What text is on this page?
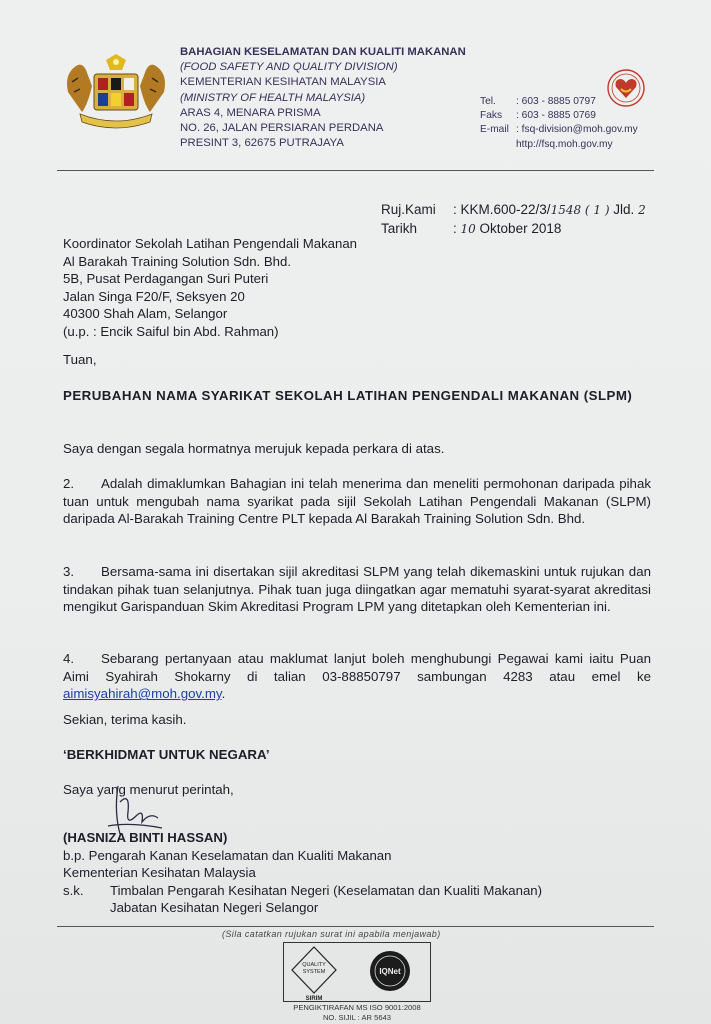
BAHAGIAN KESELAMATAN DAN KUALITI MAKANAN
(FOOD SAFETY AND QUALITY DIVISION)
KEMENTERIAN KESIHATAN MALAYSIA
(MINISTRY OF HEALTH MALAYSIA)
ARAS 4, MENARA PRISMA
NO. 26, JALAN PERSIARAN PERDANA
PRESINT 3, 62675 PUTRAJAYA
Tel. : 603 - 8885 0797
Faks : 603 - 8885 0769
E-mail : fsq-division@moh.gov.my
http://fsq.moh.gov.my
Ruj.Kami : KKM.600-22/3/1548 ( 1 ) Jld. 2
Tarikh	: 10 Oktober 2018
Koordinator Sekolah Latihan Pengendali Makanan
Al Barakah Training Solution Sdn. Bhd.
5B, Pusat Perdagangan Suri Puteri
Jalan Singa F20/F, Seksyen 20
40300 Shah Alam, Selangor
(u.p. : Encik Saiful bin Abd. Rahman)
Tuan,
PERUBAHAN NAMA SYARIKAT SEKOLAH LATIHAN PENGENDALI MAKANAN (SLPM)
Saya dengan segala hormatnya merujuk kepada perkara di atas.
2. Adalah dimaklumkan Bahagian ini telah menerima dan meneliti permohonan daripada pihak tuan untuk mengubah nama syarikat pada sijil Sekolah Latihan Pengendali Makanan (SLPM) daripada Al-Barakah Training Centre PLT kepada Al Barakah Training Solution Sdn. Bhd.
3. Bersama-sama ini disertakan sijil akreditasi SLPM yang telah dikemaskini untuk rujukan dan tindakan pihak tuan selanjutnya. Pihak tuan juga diingatkan agar mematuhi syarat-syarat akreditasi mengikut Garispanduan Skim Akreditasi Program LPM yang ditetapkan oleh Kementerian ini.
4. Sebarang pertanyaan atau maklumat lanjut boleh menghubungi Pegawai kami iaitu Puan Aimi Syahirah Shokarny di talian 03-88850797 sambungan 4283 atau emel ke aimisyahirah@moh.gov.my.
Sekian, terima kasih.
‘BERKHIDMAT UNTUK NEGARA’
Saya yang menurut perintah,
(HASNIZA BINTI HASSAN)
b.p. Pengarah Kanan Keselamatan dan Kualiti Makanan
Kementerian Kesihatan Malaysia
s.k. Timbalan Pengarah Kesihatan Negeri (Keselamatan dan Kualiti Makanan)
Jabatan Kesihatan Negeri Selangor
(Sila catatkan rujukan surat ini apabila menjawab)
QUALITY
SYSTEM
SIRIM
IQNet
PENGIKTIRAFAN MS ISO 9001:2008
NO. SIJIL : AR 5643
